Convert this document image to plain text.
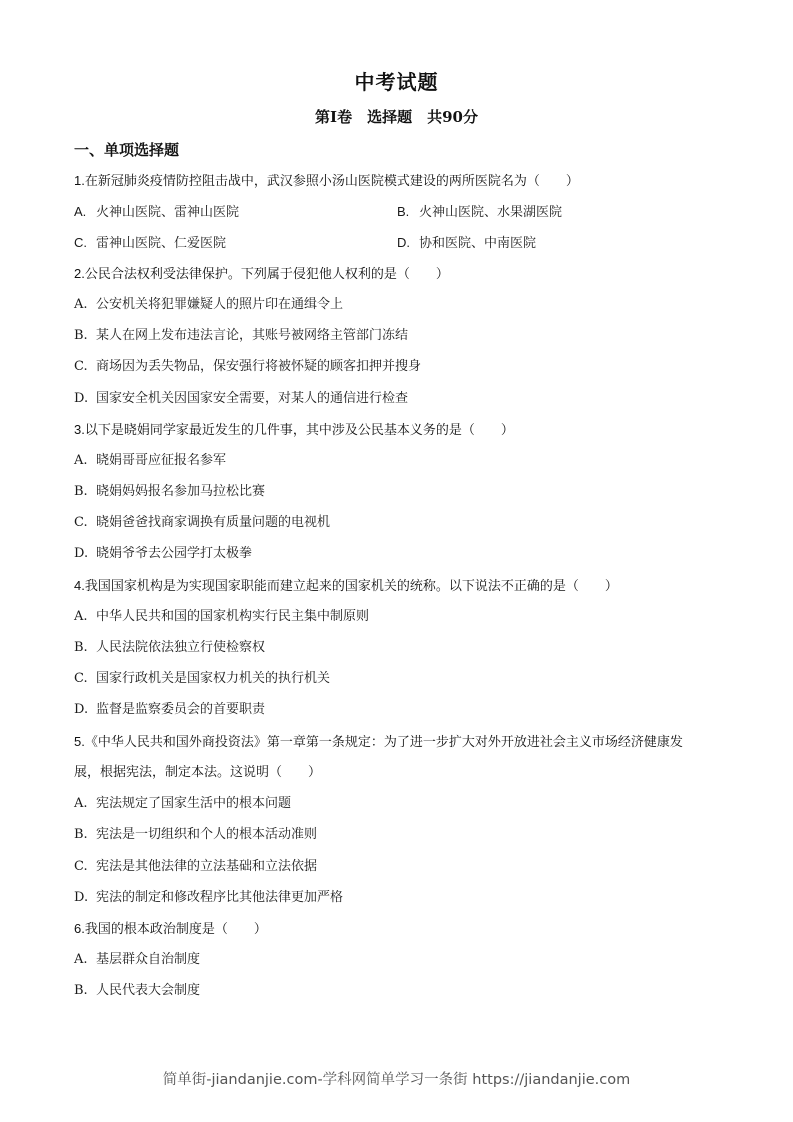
中考试题
第Ⅰ卷　选择题　共90分
一、单项选择题
1.在新冠肺炎疫情防控阻击战中，武汉参照小汤山医院模式建设的两所医院名为（　　）
A. 火神山医院、雷神山医院	B. 火神山医院、水果湖医院
C. 雷神山医院、仁爱医院	D. 协和医院、中南医院
2.公民合法权利受法律保护。下列属于侵犯他人权利的是（　　）
A. 公安机关将犯罪嫌疑人的照片印在通缉令上
B. 某人在网上发布违法言论，其账号被网络主管部门冻结
C. 商场因为丢失物品，保安强行将被怀疑的顾客扣押并搜身
D. 国家安全机关因国家安全需要，对某人的通信进行检查
3.以下是晓娟同学家最近发生的几件事，其中涉及公民基本义务的是（　　）
A. 晓娟哥哥应征报名参军
B. 晓娟妈妈报名参加马拉松比赛
C. 晓娟爸爸找商家调换有质量问题的电视机
D. 晓娟爷爷去公园学打太极拳
4.我国国家机构是为实现国家职能而建立起来的国家机关的统称。以下说法不正确的是（　　）
A. 中华人民共和国的国家机构实行民主集中制原则
B. 人民法院依法独立行使检察权
C. 国家行政机关是国家权力机关的执行机关
D. 监督是监察委员会的首要职责
5.《中华人民共和国外商投资法》第一章第一条规定：为了进一步扩大对外开放进社会主义市场经济健康发
展，根据宪法，制定本法。这说明（　　）
A. 宪法规定了国家生活中的根本问题
B. 宪法是一切组织和个人的根本活动准则
C. 宪法是其他法律的立法基础和立法依据
D. 宪法的制定和修改程序比其他法律更加严格
6.我国的根本政治制度是（　　）
A. 基层群众自治制度
B. 人民代表大会制度
简单街-jiandanjie.com-学科网简单学习一条街 https://jiandanjie.com
